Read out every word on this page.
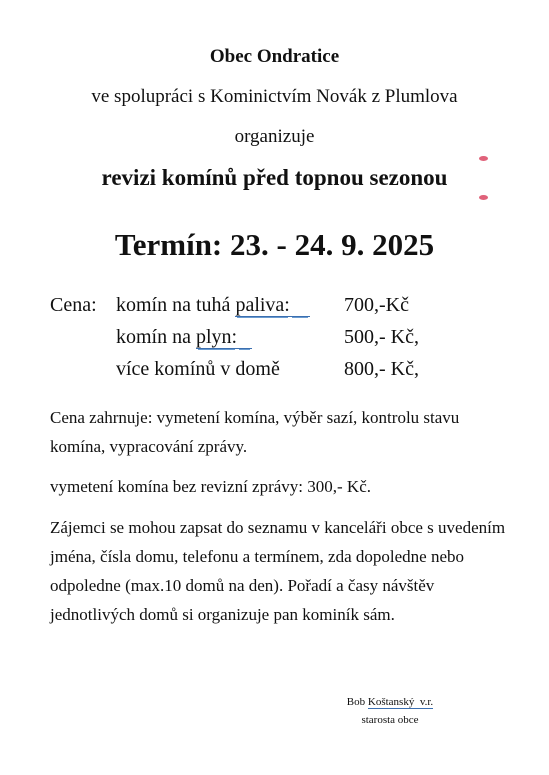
Obec Ondratice
ve spolupráci s Kominictvím Novák z Plumlova
organizuje
revizi komínů před topnou sezonou
Termín: 23. - 24. 9. 2025
Cena: komín na tuhá paliva:	700,-Kč
komín na plyn:	500,- Kč,
více komínů v domě	800,- Kč,
Cena zahrnuje: vymetení komína, výběr sazí, kontrolu stavu komína, vypracování zprávy.
vymetení komína bez revizní zprávy: 300,- Kč.
Zájemci se mohou zapsat do seznamu v kanceláři obce s uvedením jména, čísla domu, telefonu a termínem, zda dopoledne nebo odpoledne (max.10 domů na den). Pořadí a časy návštěv jednotlivých domů si organizuje pan kominík sám.
Bob Koštanský  v.r.
starosta obce
